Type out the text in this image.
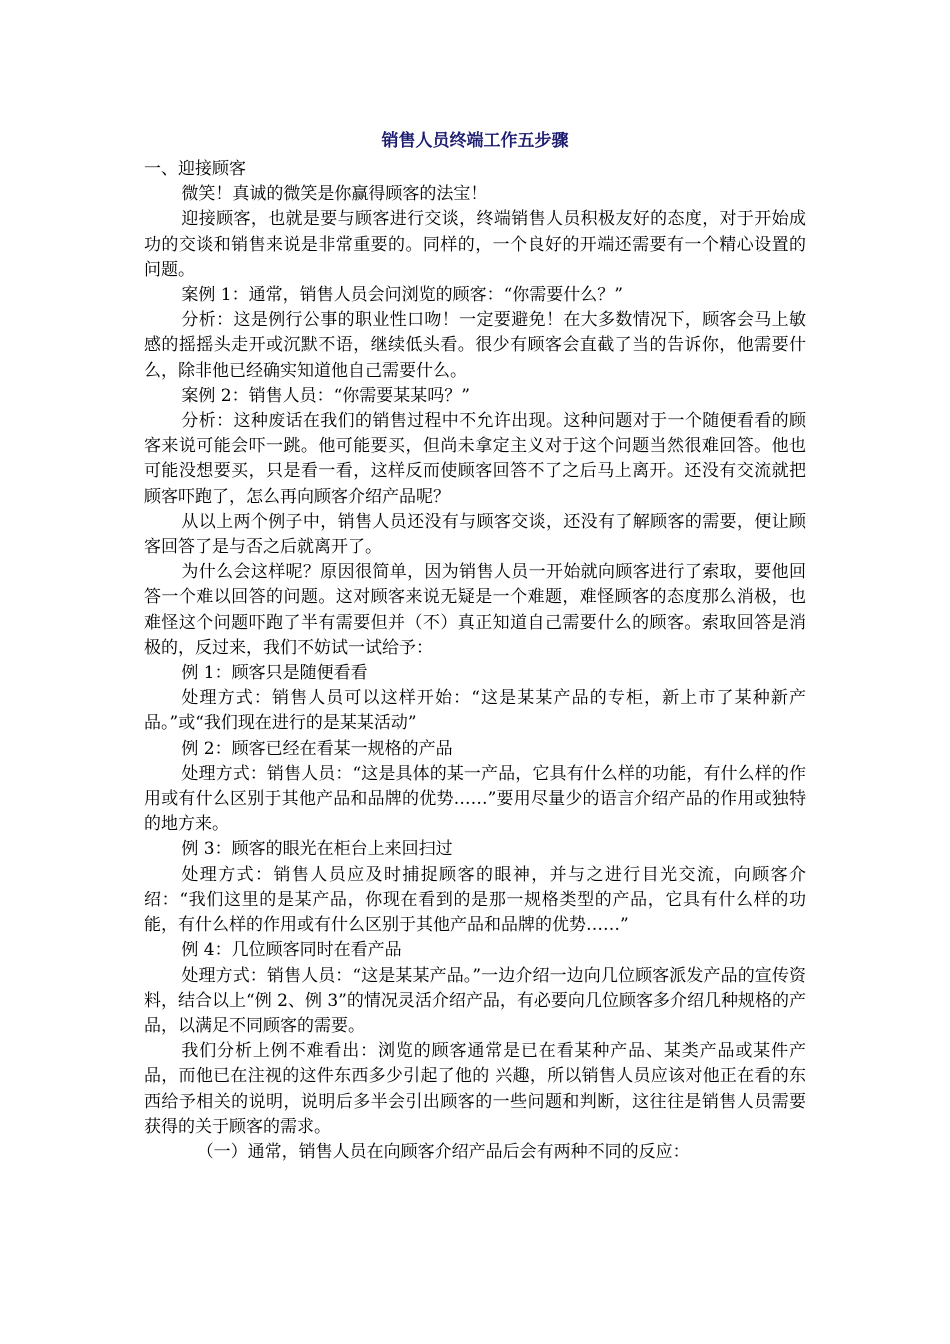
销售人员终端工作五步骤
一、迎接顾客

微笑！真诚的微笑是你赢得顾客的法宝！

迎接顾客，也就是要与顾客进行交谈，终端销售人员积极友好的态度，对于开始成功的交谈和销售来说是非常重要的。同样的，一个良好的开端还需要有一个精心设置的问题。

案例 1：通常，销售人员会问浏览的顾客：“你需要什么？”

分析：这是例行公事的职业性口吻！一定要避免！在大多数情况下，顾客会马上敏感的摇摇头走开或沉默不语，继续低头看。很少有顾客会直截了当的告诉你，他需要什么，除非他已经确实知道他自己需要什么。

案例 2：销售人员：“你需要某某吗？”

分析：这种废话在我们的销售过程中不允许出现。这种问题对于一个随便看看的顾客来说可能会吓一跳。他可能要买，但尚未拿定主义对于这个问题当然很难回答。他也可能没想要买，只是看一看，这样反而使顾客回答不了之后马上离开。还没有交流就把顾客吓跑了，怎么再向顾客介绍产品呢？

从以上两个例子中，销售人员还没有与顾客交谈，还没有了解顾客的需要，便让顾客回答了是与否之后就离开了。

为什么会这样呢？原因很简单，因为销售人员一开始就向顾客进行了索取，要他回答一个难以回答的问题。这对顾客来说无疑是一个难题，难怪顾客的态度那么消极，也难怪这个问题吓跑了半有需要但并（不）真正知道自己需要什么的顾客。索取回答是消极的，反过来，我们不妨试一试给予：

例 1：顾客只是随便看看

处理方式：销售人员可以这样开始：“这是某某产品的专柜，新上市了某种新产品。”或“我们现在进行的是某某活动”

例 2：顾客已经在看某一规格的产品

处理方式：销售人员：“这是具体的某一产品，它具有什么样的功能，有什么样的作用或有什么区别于其他产品和品牌的优势……”要用尽量少的语言介绍产品的作用或独特的地方来。

例 3：顾客的眼光在柜台上来回扫过

处理方式：销售人员应及时捕捉顾客的眼神，并与之进行目光交流，向顾客介绍：“我们这里的是某产品，你现在看到的是那一规格类型的产品，它具有什么样的功能，有什么样的作用或有什么区别于其他产品和品牌的优势……”

例 4：几位顾客同时在看产品

处理方式：销售人员：“这是某某产品。”一边介绍一边向几位顾客派发产品的宣传资料，结合以上“例 2、例 3”的情况灵活介绍产品，有必要向几位顾客多介绍几种规格的产品，以满足不同顾客的需要。

我们分析上例不难看出：浏览的顾客通常是已在看某种产品、某类产品或某件产品，而他已在注视的这件东西多少引起了他的 兴趣，所以销售人员应该对他正在看的东西给予相关的说明，说明后多半会引出顾客的一些问题和判断，这往往是销售人员需要获得的关于顾客的需求。

（一）通常，销售人员在向顾客介绍产品后会有两种不同的反应：
